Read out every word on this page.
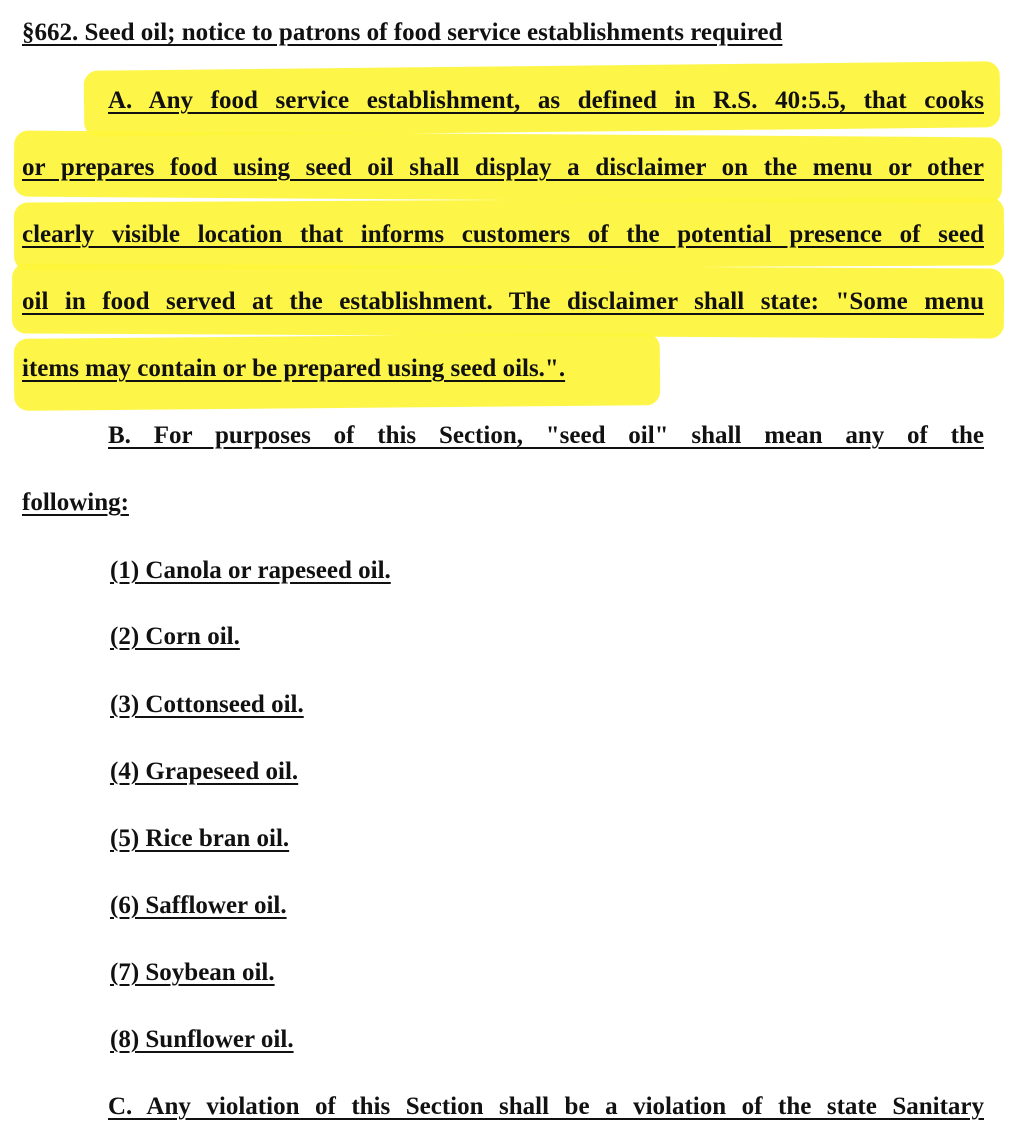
§662. Seed oil; notice to patrons of food service establishments required
A. Any food service establishment, as defined in R.S. 40:5.5, that cooks
or prepares food using seed oil shall display a disclaimer on the menu or other
clearly visible location that informs customers of the potential presence of seed
oil in food served at the establishment. The disclaimer shall state: "Some menu
items may contain or be prepared using seed oils.".
B. For purposes of this Section, "seed oil" shall mean any of the
following:
(1) Canola or rapeseed oil.
(2) Corn oil.
(3) Cottonseed oil.
(4) Grapeseed oil.
(5) Rice bran oil.
(6) Safflower oil.
(7) Soybean oil.
(8) Sunflower oil.
C. Any violation of this Section shall be a violation of the state Sanitary
